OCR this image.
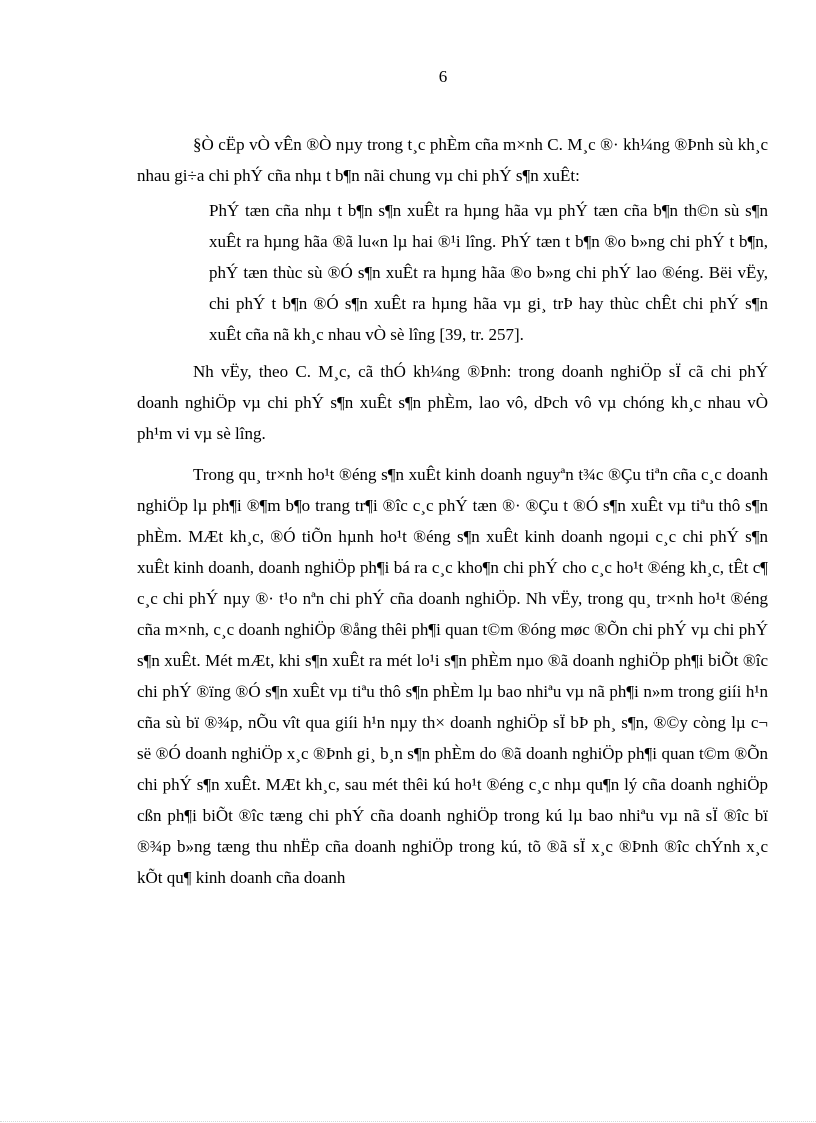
6

§Ò cËp vÒ vÊn ®Ò nµy trong t¸c phÈm cña m×nh C. M¸c ®· kh¼ng ®Þnh sù kh¸c nhau gi÷a chi phÝ cña nhµ t b¶n nãi chung vµ chi phÝ s¶n xuÊt:

PhÝ tæn cña nhµ t b¶n s¶n xuÊt ra hµng hãa vµ phÝ tæn cña b¶n th©n sù s¶n xuÊt ra hµng hãa ®ã lu«n lµ hai ®¹i lîng. PhÝ tæn t b¶n ®o b»ng chi phÝ t b¶n, phÝ tæn thùc sù ®Ó s¶n xuÊt ra hµng hãa ®o b»ng chi phÝ lao ®éng. Bëi vËy, chi phÝ t b¶n ®Ó s¶n xuÊt ra hµng hãa vµ gi¸ trÞ hay thùc chÊt chi phÝ s¶n xuÊt cña nã kh¸c nhau vÒ sè lîng [39, tr. 257].

Nh vËy, theo C. M¸c, cã thÓ kh¼ng ®Þnh: trong doanh nghiÖp sÏ cã chi phÝ doanh nghiÖp vµ chi phÝ s¶n xuÊt s¶n phÈm, lao vô, dÞch vô vµ chóng kh¸c nhau vÒ ph¹m vi vµ sè lîng.

Trong qu¸ tr×nh ho¹t ®éng s¶n xuÊt kinh doanh nguyªn t¾c ®Çu tiªn cña c¸c doanh nghiÖp lµ ph¶i ®¶m b¶o trang tr¶i ®îc c¸c phÝ tæn ®· ®Çu t ®Ó s¶n xuÊt vµ tiªu thô s¶n phÈm. MÆt kh¸c, ®Ó tiÕn hµnh ho¹t ®éng s¶n xuÊt kinh doanh ngoµi c¸c chi phÝ s¶n xuÊt kinh doanh, doanh nghiÖp ph¶i bá ra c¸c kho¶n chi phÝ cho c¸c ho¹t ®éng kh¸c, tÊt c¶ c¸c chi phÝ nµy ®· t¹o nªn chi phÝ cña doanh nghiÖp. Nh vËy, trong qu¸ tr×nh ho¹t ®éng cña m×nh, c¸c doanh nghiÖp ®ång thêi ph¶i quan t©m ®óng møc ®Õn chi phÝ vµ chi phÝ s¶n xuÊt. Mét mÆt, khi s¶n xuÊt ra mét lo¹i s¶n phÈm nµo ®ã doanh nghiÖp ph¶i biÕt ®îc chi phÝ ®ïng ®Ó s¶n xuÊt vµ tiªu thô s¶n phÈm lµ bao nhiªu vµ nã ph¶i n»m trong giíi h¹n cña sù bï ®¾p, nÕu vît qua giíi h¹n nµy th× doanh nghiÖp sÏ bÞ ph¸ s¶n, ®©y còng lµ c¬ së ®Ó doanh nghiÖp x¸c ®Þnh gi¸ b¸n s¶n phÈm do ®ã doanh nghiÖp ph¶i quan t©m ®Õn chi phÝ s¶n xuÊt. MÆt kh¸c, sau mét thêi kú ho¹t ®éng c¸c nhµ qu¶n lý cña doanh nghiÖp cßn ph¶i biÕt ®îc tæng chi phÝ cña doanh nghiÖp trong kú lµ bao nhiªu vµ nã sÏ ®îc bï ®¾p b»ng tæng thu nhËp cña doanh nghiÖp trong kú, tõ ®ã sÏ x¸c ®Þnh ®îc chÝnh x¸c kÕt qu¶ kinh doanh cña doanh
